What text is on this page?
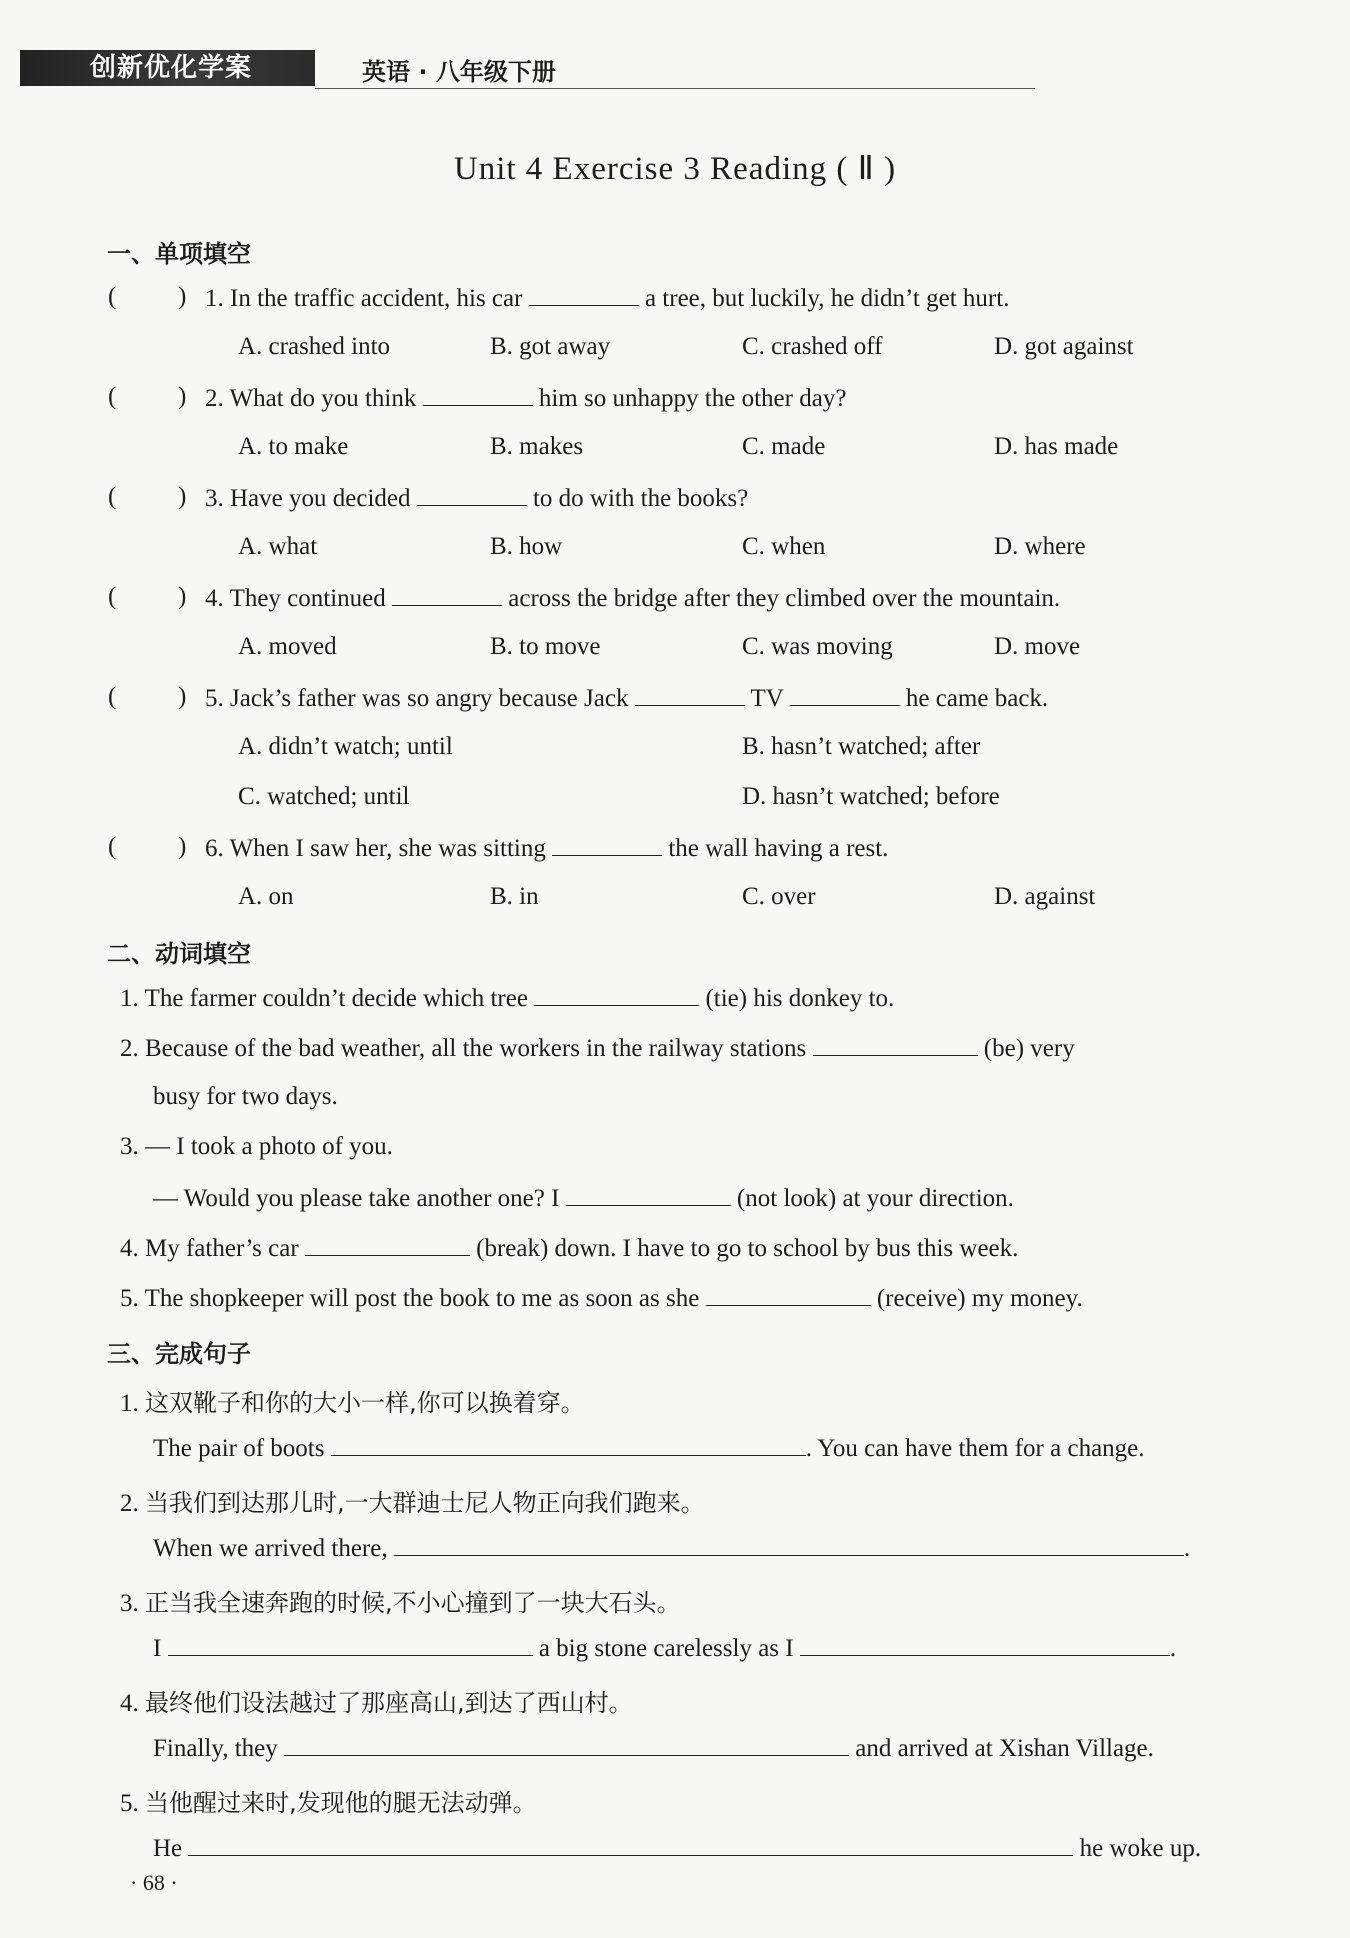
创新优化学案	英语 · 八年级下册
Unit 4 Exercise 3 Reading ( Ⅱ )
一、单项填空
( ) 1. In the traffic accident, his car	a tree, but luckily, he didn’t get hurt.
A. crashed into	B. got away	C. crashed off	D. got against
( ) 2. What do you think	him so unhappy the other day?
A. to make	B. makes	C. made	D. has made
( ) 3. Have you decided	to do with the books?
A. what	B. how	C. when	D. where
( ) 4. They continued	across the bridge after they climbed over the mountain.
A. moved	B. to move	C. was moving	D. move
( ) 5. Jack’s father was so angry because Jack	TV	he came back.
A. didn’t watch; until	B. hasn’t watched; after
C. watched; until	D. hasn’t watched; before
( ) 6. When I saw her, she was sitting	the wall having a rest.
A. on	B. in	C. over	D. against
二、动词填空
1. The farmer couldn’t decide which tree	(tie) his donkey to.
2. Because of the bad weather, all the workers in the railway stations	(be) very
busy for two days.
3. — I took a photo of you.
— Would you please take another one? I	(not look) at your direction.
4. My father’s car	(break) down. I have to go to school by bus this week.
5. The shopkeeper will post the book to me as soon as she	(receive) my money.
三、完成句子
1. 这双靴子和你的大小一样,你可以换着穿。
The pair of boots	. You can have them for a change.
2. 当我们到达那儿时,一大群迪士尼人物正向我们跑来。
When we arrived there,	.
3. 正当我全速奔跑的时候,不小心撞到了一块大石头。
I	a big stone carelessly as I	.
4. 最终他们设法越过了那座高山,到达了西山村。
Finally, they	and arrived at Xishan Village.
5. 当他醒过来时,发现他的腿无法动弹。
He	he woke up.
· 68 ·
